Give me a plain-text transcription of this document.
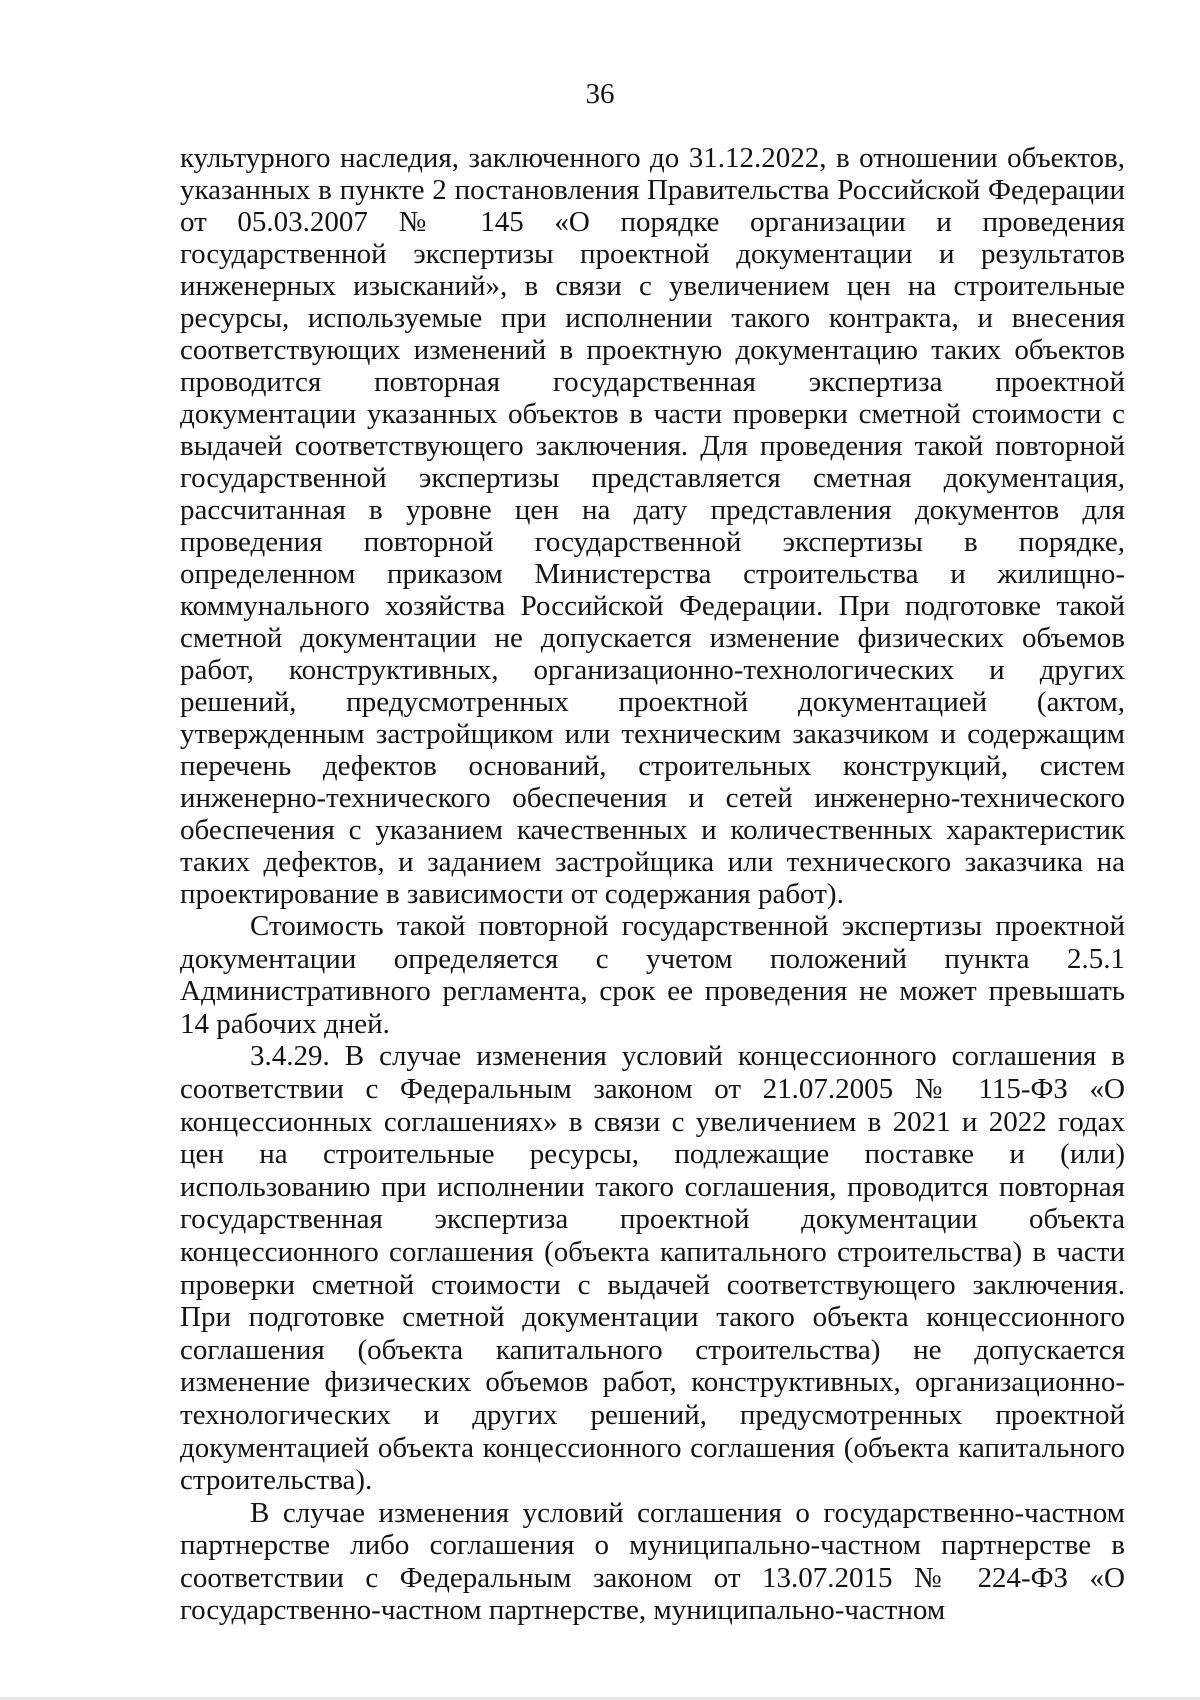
36

культурного наследия, заключенного до 31.12.2022, в отношении объектов, указанных в пункте 2 постановления Правительства Российской Федерации от 05.03.2007 № 145 «О порядке организации и проведения государственной экспертизы проектной документации и результатов инженерных изысканий», в связи с увеличением цен на строительные ресурсы, используемые при исполнении такого контракта, и внесения соответствующих изменений в проектную документацию таких объектов проводится повторная государственная экспертиза проектной документации указанных объектов в части проверки сметной стоимости с выдачей соответствующего заключения. Для проведения такой повторной государственной экспертизы представляется сметная документация, рассчитанная в уровне цен на дату представления документов для проведения повторной государственной экспертизы в порядке, определенном приказом Министерства строительства и жилищно-коммунального хозяйства Российской Федерации. При подготовке такой сметной документации не допускается изменение физических объемов работ, конструктивных, организационно-технологических и других решений, предусмотренных проектной документацией (актом, утвержденным застройщиком или техническим заказчиком и содержащим перечень дефектов оснований, строительных конструкций, систем инженерно-технического обеспечения и сетей инженерно-технического обеспечения с указанием качественных и количественных характеристик таких дефектов, и заданием застройщика или технического заказчика на проектирование в зависимости от содержания работ).

Стоимость такой повторной государственной экспертизы проектной документации определяется с учетом положений пункта 2.5.1 Административного регламента, срок ее проведения не может превышать 14 рабочих дней.

3.4.29. В случае изменения условий концессионного соглашения в соответствии с Федеральным законом от 21.07.2005 № 115-ФЗ «О концессионных соглашениях» в связи с увеличением в 2021 и 2022 годах цен на строительные ресурсы, подлежащие поставке и (или) использованию при исполнении такого соглашения, проводится повторная государственная экспертиза проектной документации объекта концессионного соглашения (объекта капитального строительства) в части проверки сметной стоимости с выдачей соответствующего заключения. При подготовке сметной документации такого объекта концессионного соглашения (объекта капитального строительства) не допускается изменение физических объемов работ, конструктивных, организационно-технологических и других решений, предусмотренных проектной документацией объекта концессионного соглашения (объекта капитального строительства).

В случае изменения условий соглашения о государственно-частном партнерстве либо соглашения о муниципально-частном партнерстве в соответствии с Федеральным законом от 13.07.2015 № 224-ФЗ «О государственно-частном партнерстве, муниципально-частном
